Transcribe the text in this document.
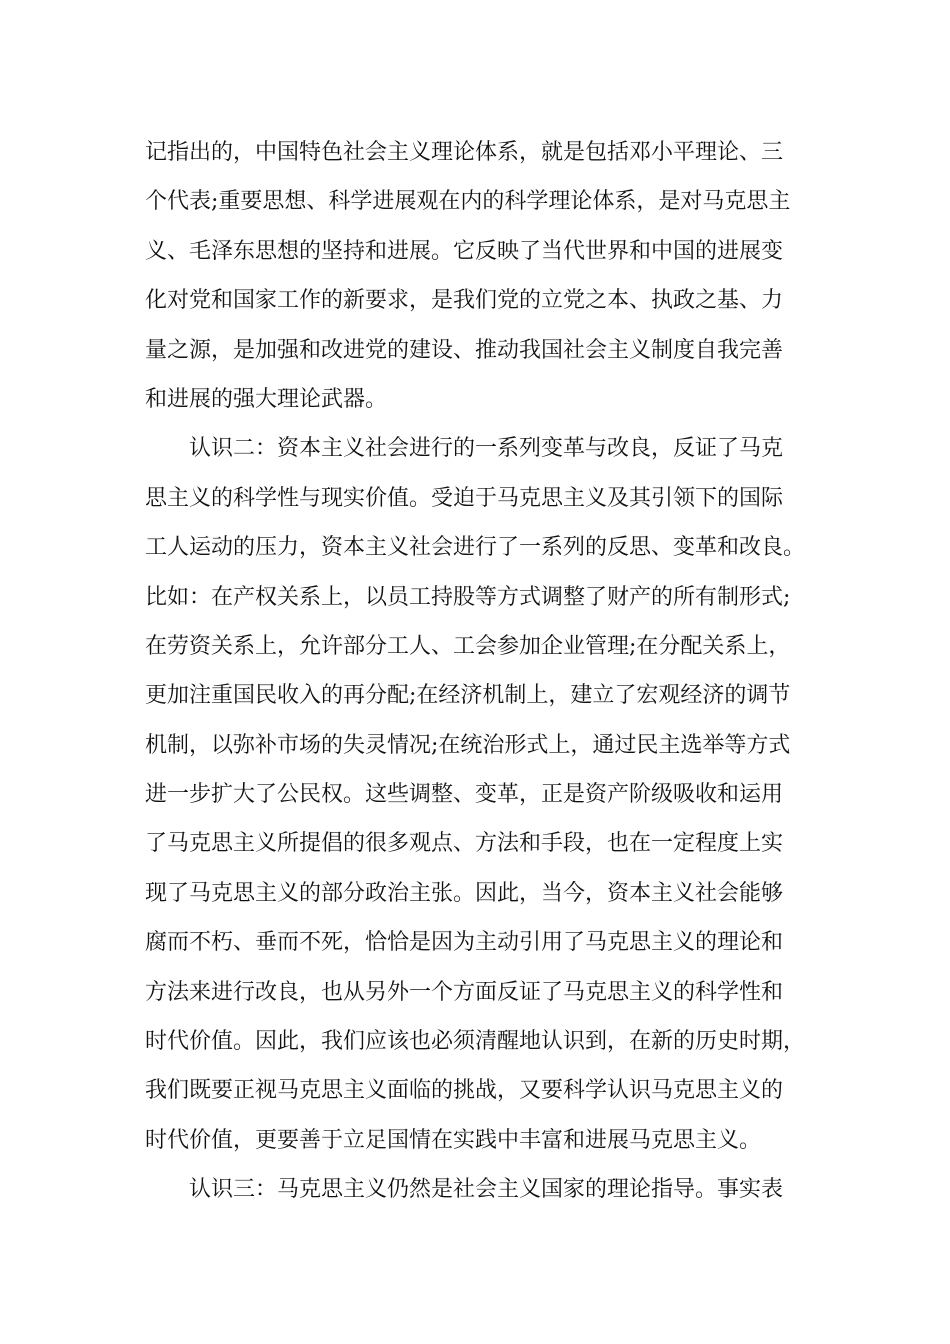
记指出的，中国特色社会主义理论体系，就是包括邓小平理论、三
个代表;重要思想、科学进展观在内的科学理论体系，是对马克思主
义、毛泽东思想的坚持和进展。它反映了当代世界和中国的进展变
化对党和国家工作的新要求，是我们党的立党之本、执政之基、力
量之源，是加强和改进党的建设、推动我国社会主义制度自我完善
和进展的强大理论武器。
认识二：资本主义社会进行的一系列变革与改良，反证了马克
思主义的科学性与现实价值。受迫于马克思主义及其引领下的国际
工人运动的压力，资本主义社会进行了一系列的反思、变革和改良。
比如：在产权关系上，以员工持股等方式调整了财产的所有制形式;
在劳资关系上，允许部分工人、工会参加企业管理;在分配关系上，
更加注重国民收入的再分配;在经济机制上，建立了宏观经济的调节
机制，以弥补市场的失灵情况;在统治形式上，通过民主选举等方式
进一步扩大了公民权。这些调整、变革，正是资产阶级吸收和运用
了马克思主义所提倡的很多观点、方法和手段，也在一定程度上实
现了马克思主义的部分政治主张。因此，当今，资本主义社会能够
腐而不朽、垂而不死，恰恰是因为主动引用了马克思主义的理论和
方法来进行改良，也从另外一个方面反证了马克思主义的科学性和
时代价值。因此，我们应该也必须清醒地认识到，在新的历史时期，
我们既要正视马克思主义面临的挑战，又要科学认识马克思主义的
时代价值，更要善于立足国情在实践中丰富和进展马克思主义。
认识三：马克思主义仍然是社会主义国家的理论指导。事实表
